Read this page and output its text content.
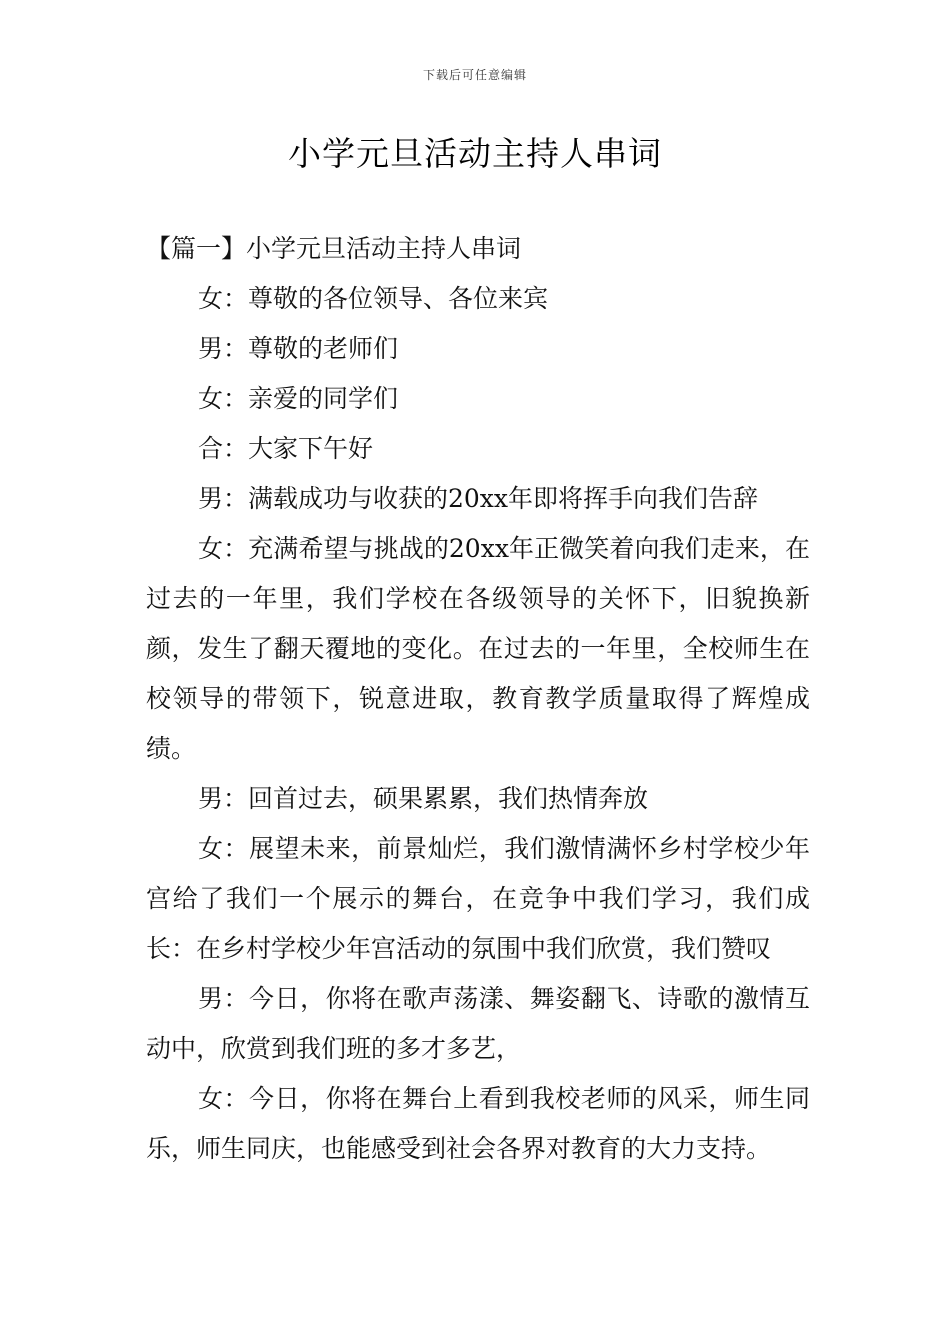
下载后可任意编辑
小学元旦活动主持人串词

【篇一】小学元旦活动主持人串词

女：尊敬的各位领导、各位来宾

男：尊敬的老师们

女：亲爱的同学们

合：大家下午好

男：满载成功与收获的20xx年即将挥手向我们告辞

女：充满希望与挑战的20xx年正微笑着向我们走来，在过去的一年里，我们学校在各级领导的关怀下，旧貌换新颜，发生了翻天覆地的变化。在过去的一年里，全校师生在校领导的带领下，锐意进取，教育教学质量取得了辉煌成绩。

男：回首过去，硕果累累，我们热情奔放

女：展望未来，前景灿烂，我们激情满怀乡村学校少年宫给了我们一个展示的舞台，在竞争中我们学习，我们成长：在乡村学校少年宫活动的氛围中我们欣赏，我们赞叹

男：今日，你将在歌声荡漾、舞姿翻飞、诗歌的激情互动中，欣赏到我们班的多才多艺，

女：今日，你将在舞台上看到我校老师的风采，师生同乐，师生同庆，也能感受到社会各界对教育的大力支持。
